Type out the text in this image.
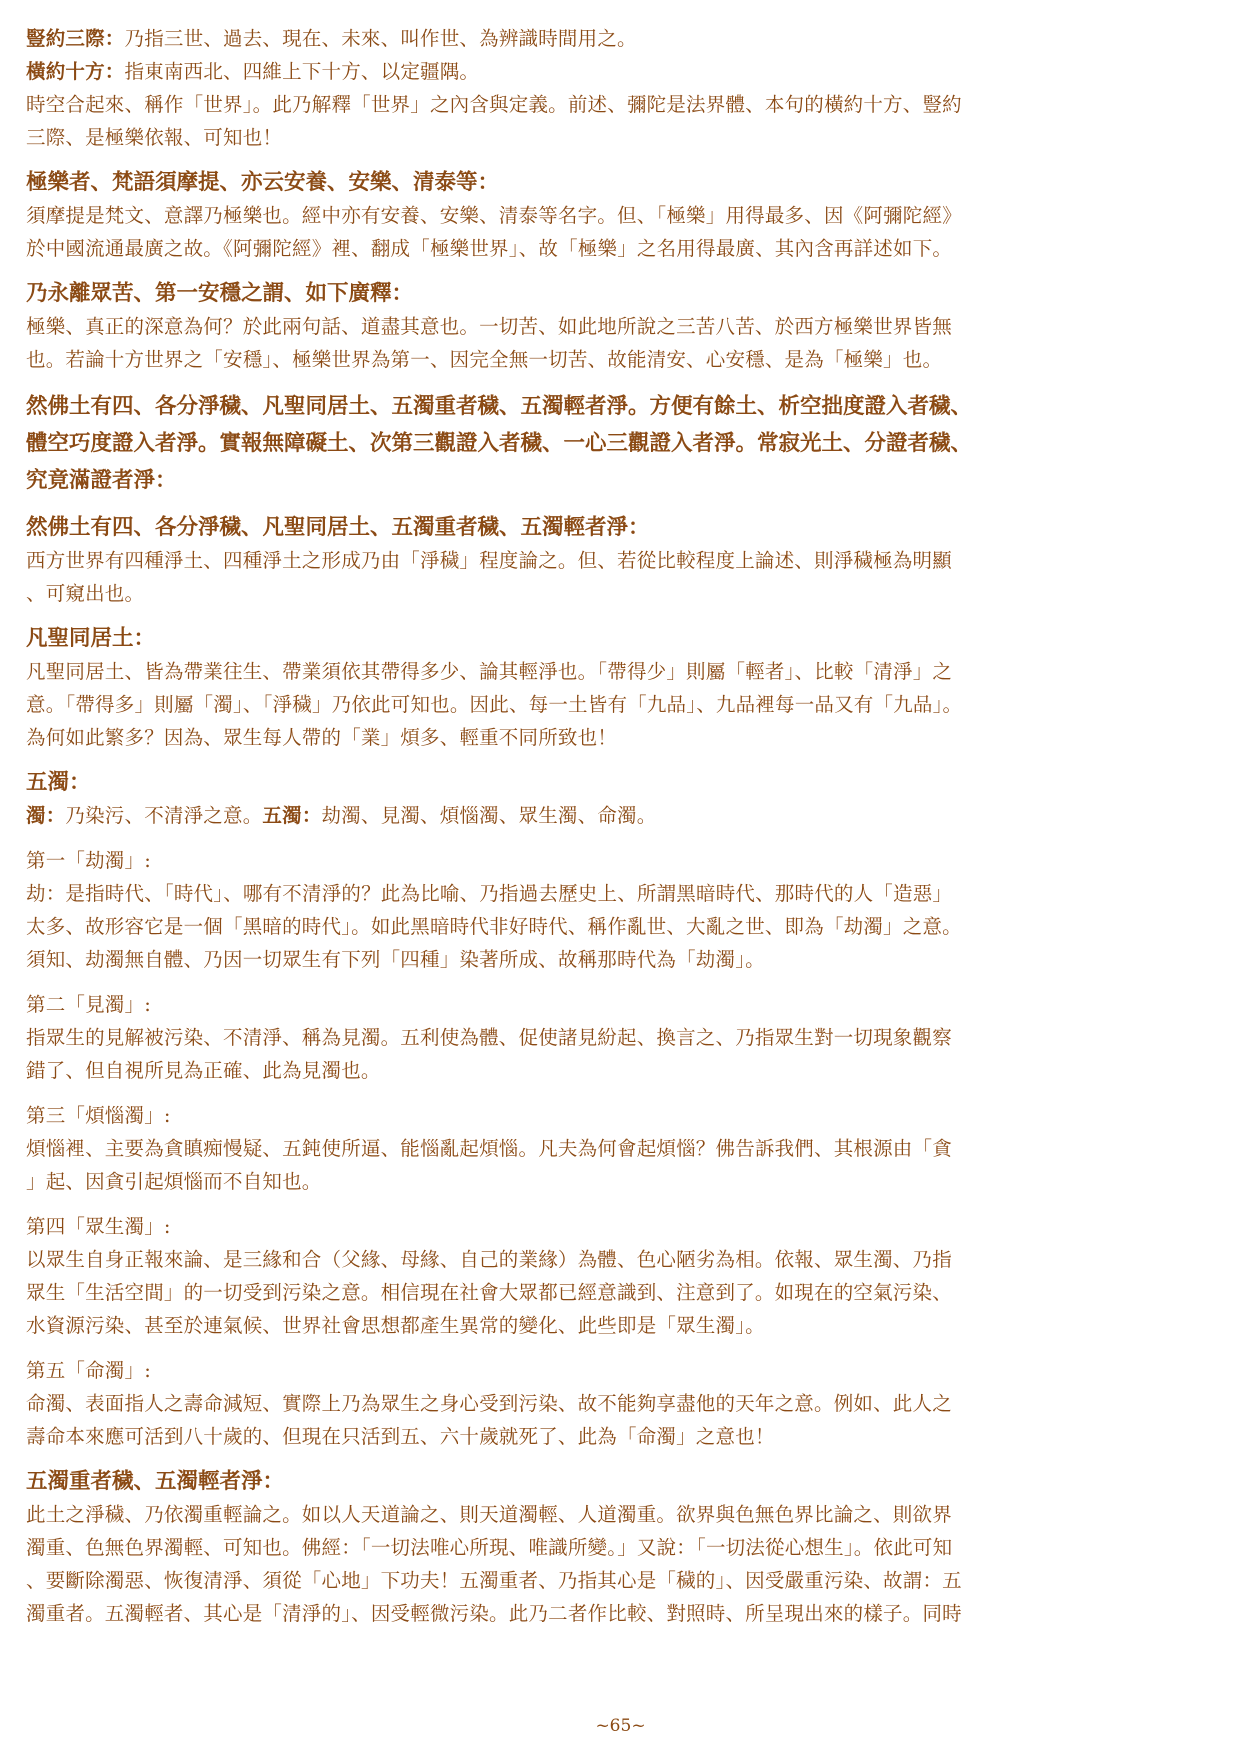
豎約三際：乃指三世、過去、現在、未來、叫作世、為辨識時間用之。
橫約十方：指東南西北、四維上下十方、以定疆隅。
時空合起來、稱作「世界」。此乃解釋「世界」之內含與定義。前述、彌陀是法界體、本句的橫約十方、豎約
三際、是極樂依報、可知也！
極樂者、梵語須摩提、亦云安養、安樂、清泰等：
須摩提是梵文、意譯乃極樂也。經中亦有安養、安樂、清泰等名字。但、「極樂」用得最多、因《阿彌陀經》
於中國流通最廣之故。《阿彌陀經》裡、翻成「極樂世界」、故「極樂」之名用得最廣、其內含再詳述如下。
乃永離眾苦、第一安穩之謂、如下廣釋：
極樂、真正的深意為何？於此兩句話、道盡其意也。一切苦、如此地所說之三苦八苦、於西方極樂世界皆無
也。若論十方世界之「安穩」、極樂世界為第一、因完全無一切苦、故能清安、心安穩、是為「極樂」也。
然佛土有四、各分淨穢、凡聖同居土、五濁重者穢、五濁輕者淨。方便有餘土、析空拙度證入者穢、
體空巧度證入者淨。實報無障礙土、次第三觀證入者穢、一心三觀證入者淨。常寂光土、分證者穢、
究竟滿證者淨：
然佛土有四、各分淨穢、凡聖同居土、五濁重者穢、五濁輕者淨：
西方世界有四種淨土、四種淨土之形成乃由「淨穢」程度論之。但、若從比較程度上論述、則淨穢極為明顯
、可窺出也。
凡聖同居土：
凡聖同居土、皆為帶業往生、帶業須依其帶得多少、論其輕淨也。「帶得少」則屬「輕者」、比較「清淨」之
意。「帶得多」則屬「濁」、「淨穢」乃依此可知也。因此、每一土皆有「九品」、九品裡每一品又有「九品」。
為何如此繁多？因為、眾生每人帶的「業」煩多、輕重不同所致也！
五濁：
濁：乃染污、不清淨之意。五濁：劫濁、見濁、煩惱濁、眾生濁、命濁。
第一「劫濁」:
劫：是指時代、「時代」、哪有不清淨的？此為比喻、乃指過去歷史上、所謂黑暗時代、那時代的人「造惡」
太多、故形容它是一個「黑暗的時代」。如此黑暗時代非好時代、稱作亂世、大亂之世、即為「劫濁」之意。
須知、劫濁無自體、乃因一切眾生有下列「四種」染著所成、故稱那時代為「劫濁」。
第二「見濁」:
指眾生的見解被污染、不清淨、稱為見濁。五利使為體、促使諸見紛起、換言之、乃指眾生對一切現象觀察
錯了、但自視所見為正確、此為見濁也。
第三「煩惱濁」:
煩惱裡、主要為貪瞋痴慢疑、五鈍使所逼、能惱亂起煩惱。凡夫為何會起煩惱？佛告訴我們、其根源由「貪
」起、因貪引起煩惱而不自知也。
第四「眾生濁」:
以眾生自身正報來論、是三緣和合（父緣、母緣、自己的業緣）為體、色心陋劣為相。依報、眾生濁、乃指
眾生「生活空間」的一切受到污染之意。相信現在社會大眾都已經意識到、注意到了。如現在的空氣污染、
水資源污染、甚至於連氣候、世界社會思想都產生異常的變化、此些即是「眾生濁」。
第五「命濁」:
命濁、表面指人之壽命減短、實際上乃為眾生之身心受到污染、故不能夠享盡他的天年之意。例如、此人之
壽命本來應可活到八十歲的、但現在只活到五、六十歲就死了、此為「命濁」之意也！
五濁重者穢、五濁輕者淨：
此土之淨穢、乃依濁重輕論之。如以人天道論之、則天道濁輕、人道濁重。欲界與色無色界比論之、則欲界
濁重、色無色界濁輕、可知也。佛經：「一切法唯心所現、唯識所變。」又說：「一切法從心想生」。依此可知
、要斷除濁惡、恢復清淨、須從「心地」下功夫！五濁重者、乃指其心是「穢的」、因受嚴重污染、故謂：五
濁重者。五濁輕者、其心是「清淨的」、因受輕微污染。此乃二者作比較、對照時、所呈現出來的樣子。同時
~65~
